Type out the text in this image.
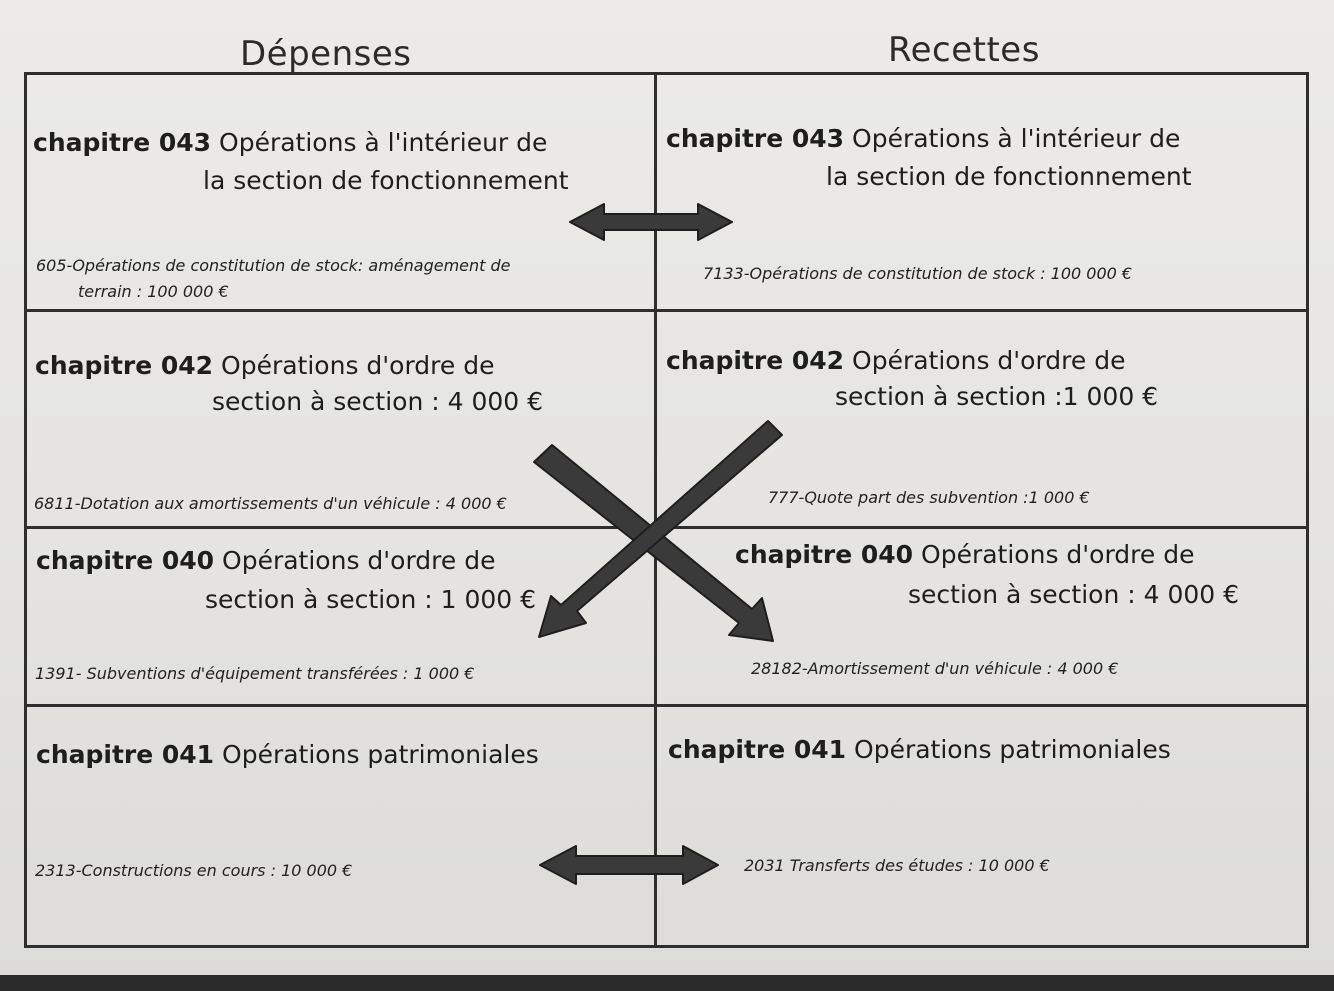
Dépenses	Recettes
chapitre 043 Opérations à l'intérieur de
la section de fonctionnement
605-Opérations de constitution de stock: aménagement de
terrain : 100 000 €
chapitre 043 Opérations à l'intérieur de
la section de fonctionnement
7133-Opérations de constitution de stock : 100 000 €
chapitre 042 Opérations d'ordre de
section à section : 4 000 €
6811-Dotation aux amortissements d'un véhicule : 4 000 €
chapitre 042 Opérations d'ordre de
section à section :1 000 €
777-Quote part des subvention :1 000 €
chapitre 040 Opérations d'ordre de
section à section : 1 000 €
1391- Subventions d'équipement transférées : 1 000 €
chapitre 040 Opérations d'ordre de
section à section : 4 000 €
28182-Amortissement d'un véhicule : 4 000 €
chapitre 041 Opérations patrimoniales
2313-Constructions en cours : 10 000 €
chapitre 041 Opérations patrimoniales
2031 Transferts des études : 10 000 €
